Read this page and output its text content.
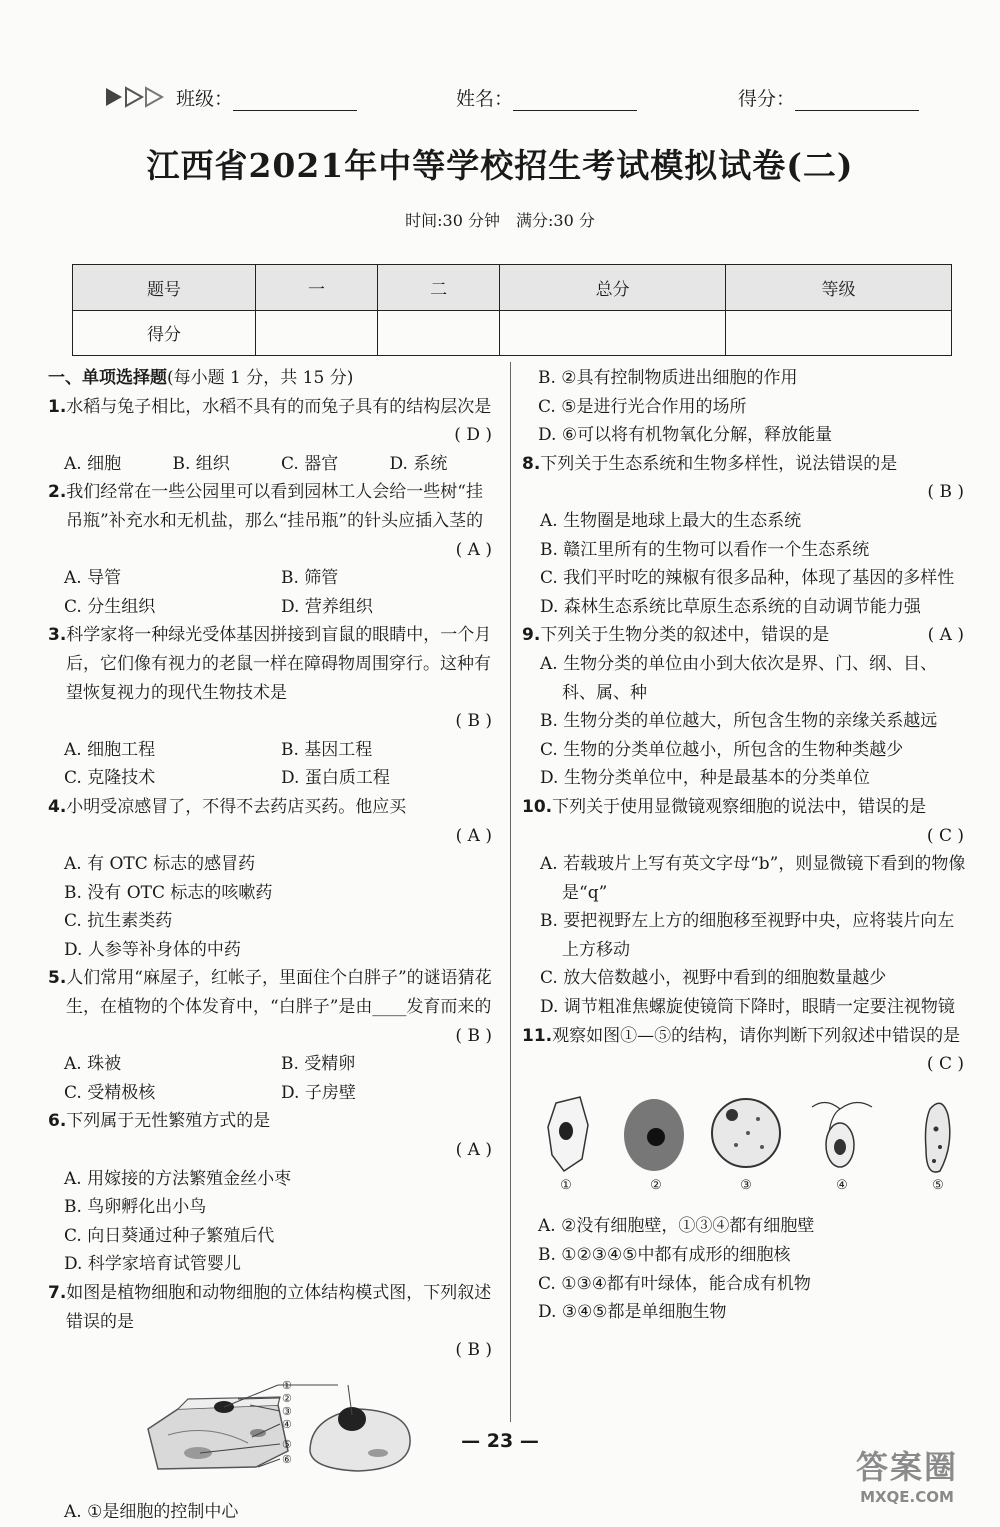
班级：	姓名：	得分：
江西省2021年中等学校招生考试模拟试卷(二)
时间:30 分钟　满分:30 分
题号	一	二	总分	等级
得分				

一、单项选择题(每小题 1 分，共 15 分)

1.水稻与兔子相比，水稻不具有的而兔子具有的结构层次是

( D )

A. 细胞	B. 组织	C. 器官	D. 系统

2.我们经常在一些公园里可以看到园林工人会给一些树“挂吊瓶”补充水和无机盐，那么“挂吊瓶”的针头应插入茎的

( A )

A. 导管	B. 筛管
C. 分生组织	D. 营养组织

3.科学家将一种绿光受体基因拼接到盲鼠的眼睛中，一个月后，它们像有视力的老鼠一样在障碍物周围穿行。这种有望恢复视力的现代生物技术是

( B )

A. 细胞工程	B. 基因工程
C. 克隆技术	D. 蛋白质工程

4.小明受凉感冒了，不得不去药店买药。他应买

( A )

A. 有 OTC 标志的感冒药

B. 没有 OTC 标志的咳嗽药

C. 抗生素类药

D. 人参等补身体的中药

5.人们常用“麻屋子，红帐子，里面住个白胖子”的谜语猜花生，在植物的个体发育中，“白胖子”是由____发育而来的

( B )

A. 珠被	B. 受精卵
C. 受精极核	D. 子房壁

6.下列属于无性繁殖方式的是

( A )

A. 用嫁接的方法繁殖金丝小枣

B. 鸟卵孵化出小鸟

C. 向日葵通过种子繁殖后代

D. 科学家培育试管婴儿

7.如图是植物细胞和动物细胞的立体结构模式图，下列叙述错误的是

( B )

①
②
③
④
⑤
⑥

A. ①是细胞的控制中心

B. ②具有控制物质进出细胞的作用

C. ⑤是进行光合作用的场所

D. ⑥可以将有机物氧化分解，释放能量

8.下列关于生态系统和生物多样性，说法错误的是

( B )

A. 生物圈是地球上最大的生态系统

B. 赣江里所有的生物可以看作一个生态系统

C. 我们平时吃的辣椒有很多品种，体现了基因的多样性

D. 森林生态系统比草原生态系统的自动调节能力强

9.下列关于生物分类的叙述中，错误的是	( A )

A. 生物分类的单位由小到大依次是界、门、纲、目、科、属、种

B. 生物分类的单位越大，所包含生物的亲缘关系越远

C. 生物的分类单位越小，所包含的生物种类越少

D. 生物分类单位中，种是最基本的分类单位

10.下列关于使用显微镜观察细胞的说法中，错误的是

( C )

A. 若载玻片上写有英文字母“b”，则显微镜下看到的物像是“q”

B. 要把视野左上方的细胞移至视野中央，应将装片向左上方移动

C. 放大倍数越小，视野中看到的细胞数量越少

D. 调节粗准焦螺旋使镜筒下降时，眼睛一定要注视物镜

11.观察如图①—⑤的结构，请你判断下列叙述中错误的是

( C )

①	②	③	④	⑤

A. ②没有细胞壁，①③④都有细胞壁

B. ①②③④⑤中都有成形的细胞核

C. ①③④都有叶绿体，能合成有机物

D. ③④⑤都是单细胞生物

— 23 —
答案圈
MXQE.COM
